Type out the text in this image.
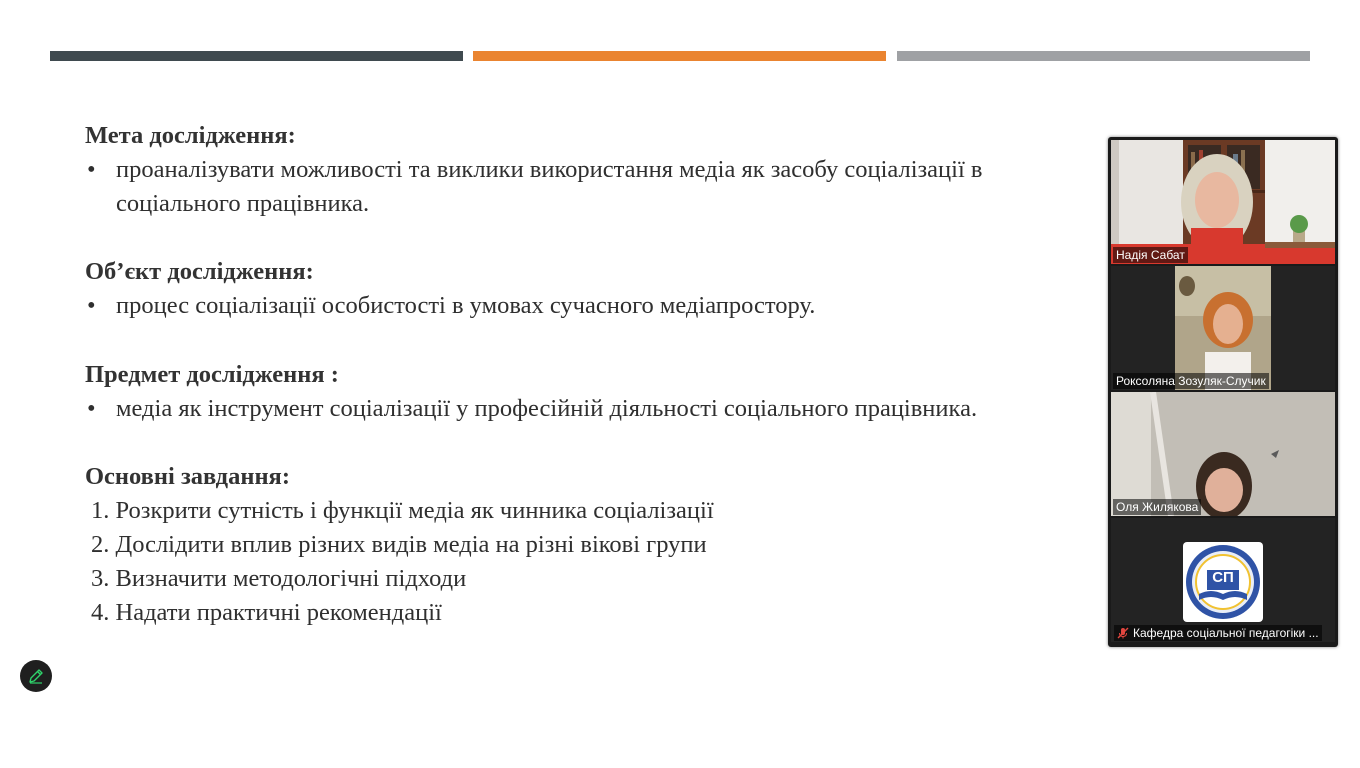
Мета дослідження:
• проаналізувати можливості та виклики використання медіа як засобу соціалізації в
соціального працівника.
Об’єкт дослідження:
• процес соціалізації особистості в умовах сучасного медіапростору.
Предмет дослідження :
• медіа як інструмент соціалізації у професійній діяльності соціального працівника.
Основні завдання:
1. Розкрити сутність і функції медіа як чинника соціалізації
2. Дослідити вплив різних видів медіа на різні вікові групи
3. Визначити методологічні підходи
4. Надати практичні рекомендації
Надія Сабат
Роксоляна Зозуляк-Случик
Оля Жилякова
СП
Кафедра соціальної педагогіки ...
